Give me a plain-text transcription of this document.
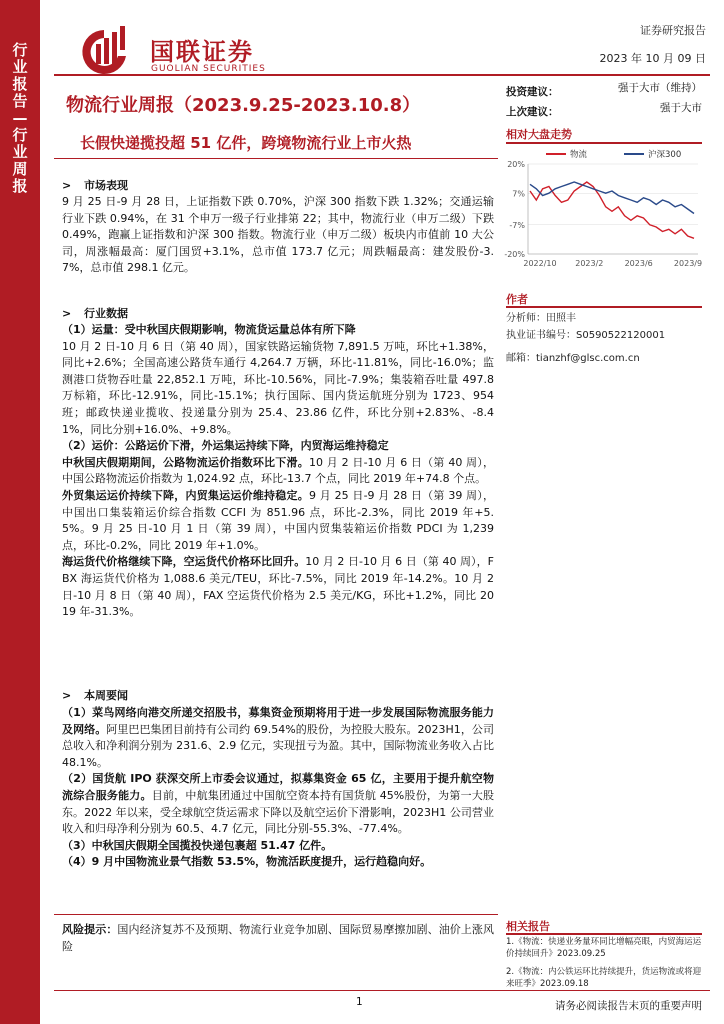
行业报告—行业周报
国联证券
GUOLIAN SECURITIES
证券研究报告
2023 年 10 月 09 日
物流行业周报（2023.9.25-2023.10.8）
长假快递揽投超 51 亿件，跨境物流行业上市火热
投资建议：	强于大市（维持）
上次建议：	强于大市
相对大盘走势
物流	沪深300
20%
7%
-7%
-20%
2022/10 2023/2	2023/6	2023/9
作者
分析师：田照丰
执业证书编号：S0590522120001
邮箱：tianzhf@glsc.com.cn
> 市场表现
9 月 25 日-9 月 28 日，上证指数下跌 0.70%，沪深 300 指数下跌 1.32%；交通运输行业下跌 0.94%，在 31 个申万一级子行业排第 22；其中，物流行业（申万二级）下跌 0.49%，跑赢上证指数和沪深 300 指数。物流行业（申万二级）板块内市值前 10 大公司，周涨幅最高：厦门国贸+3.1%，总市值 173.7 亿元；周跌幅最高：建发股份-3.7%，总市值 298.1 亿元。
> 行业数据
（1）运量：受中秋国庆假期影响，物流货运量总体有所下降
10 月 2 日-10 月 6 日（第 40 周），国家铁路运输货物 7,891.5 万吨，环比+1.38%，同比+2.6%；全国高速公路货车通行 4,264.7 万辆，环比-11.81%，同比-16.0%；监测港口货物吞吐量 22,852.1 万吨，环比-10.56%，同比-7.9%；集装箱吞吐量 497.8 万标箱，环比-12.91%，同比-15.1%；执行国际、国内货运航班分别为 1723、954 班；邮政快递业揽收、投递量分别为 25.4、23.86 亿件，环比分别+2.83%、-8.41%，同比分别+16.0%、+9.8%。
（2）运价：公路运价下滑，外运集运持续下降，内贸海运维持稳定
中秋国庆假期期间，公路物流运价指数环比下滑。10 月 2 日-10 月 6 日（第 40 周），中国公路物流运价指数为 1,024.92 点，环比-13.7 个点，同比 2019 年+74.8 个点。
外贸集运运价持续下降，内贸集运运价维持稳定。9 月 25 日-9 月 28 日（第 39 周），中国出口集装箱运价综合指数 CCFI 为 851.96 点，环比-2.3%，同比 2019 年+5.5%。9 月 25 日-10 月 1 日（第 39 周），中国内贸集装箱运价指数 PDCI 为 1,239 点，环比-0.2%，同比 2019 年+1.0%。
海运货代价格继续下降，空运货代价格环比回升。10 月 2 日-10 月 6 日（第 40 周），FBX 海运货代价格为 1,088.6 美元/TEU，环比-7.5%，同比 2019 年-14.2%。10 月 2 日-10 月 8 日（第 40 周），FAX 空运货代价格为 2.5 美元/KG，环比+1.2%，同比 2019 年-31.3%。
> 本周要闻
（1）菜鸟网络向港交所递交招股书，募集资金预期将用于进一步发展国际物流服务能力及网络。阿里巴巴集团目前持有公司约 69.54%的股份，为控股大股东。2023H1，公司总收入和净利润分别为 231.6、2.9 亿元，实现扭亏为盈。其中，国际物流业务收入占比 48.1%。
（2）国货航 IPO 获深交所上市委会议通过，拟募集资金 65 亿，主要用于提升航空物流综合服务能力。目前，中航集团通过中国航空资本持有国货航 45%股份，为第一大股东。2022 年以来，受全球航空货运需求下降以及航空运价下滑影响，2023H1 公司营业收入和归母净利分别为 60.5、4.7 亿元，同比分别-55.3%、-77.4%。
（3）中秋国庆假期全国揽投快递包裹超 51.47 亿件。
（4）9 月中国物流业景气指数 53.5%，物流活跃度提升，运行趋稳向好。
风险提示：国内经济复苏不及预期、物流行业竞争加剧、国际贸易摩擦加剧、油价上涨风险
相关报告
1.《物流：快递业务量环同比增幅亮眼，内贸海运运价持续回升》2023.09.25
2.《物流：内公铁运环比持续提升，货运物流或将迎来旺季》2023.09.18
1	请务必阅读报告末页的重要声明
